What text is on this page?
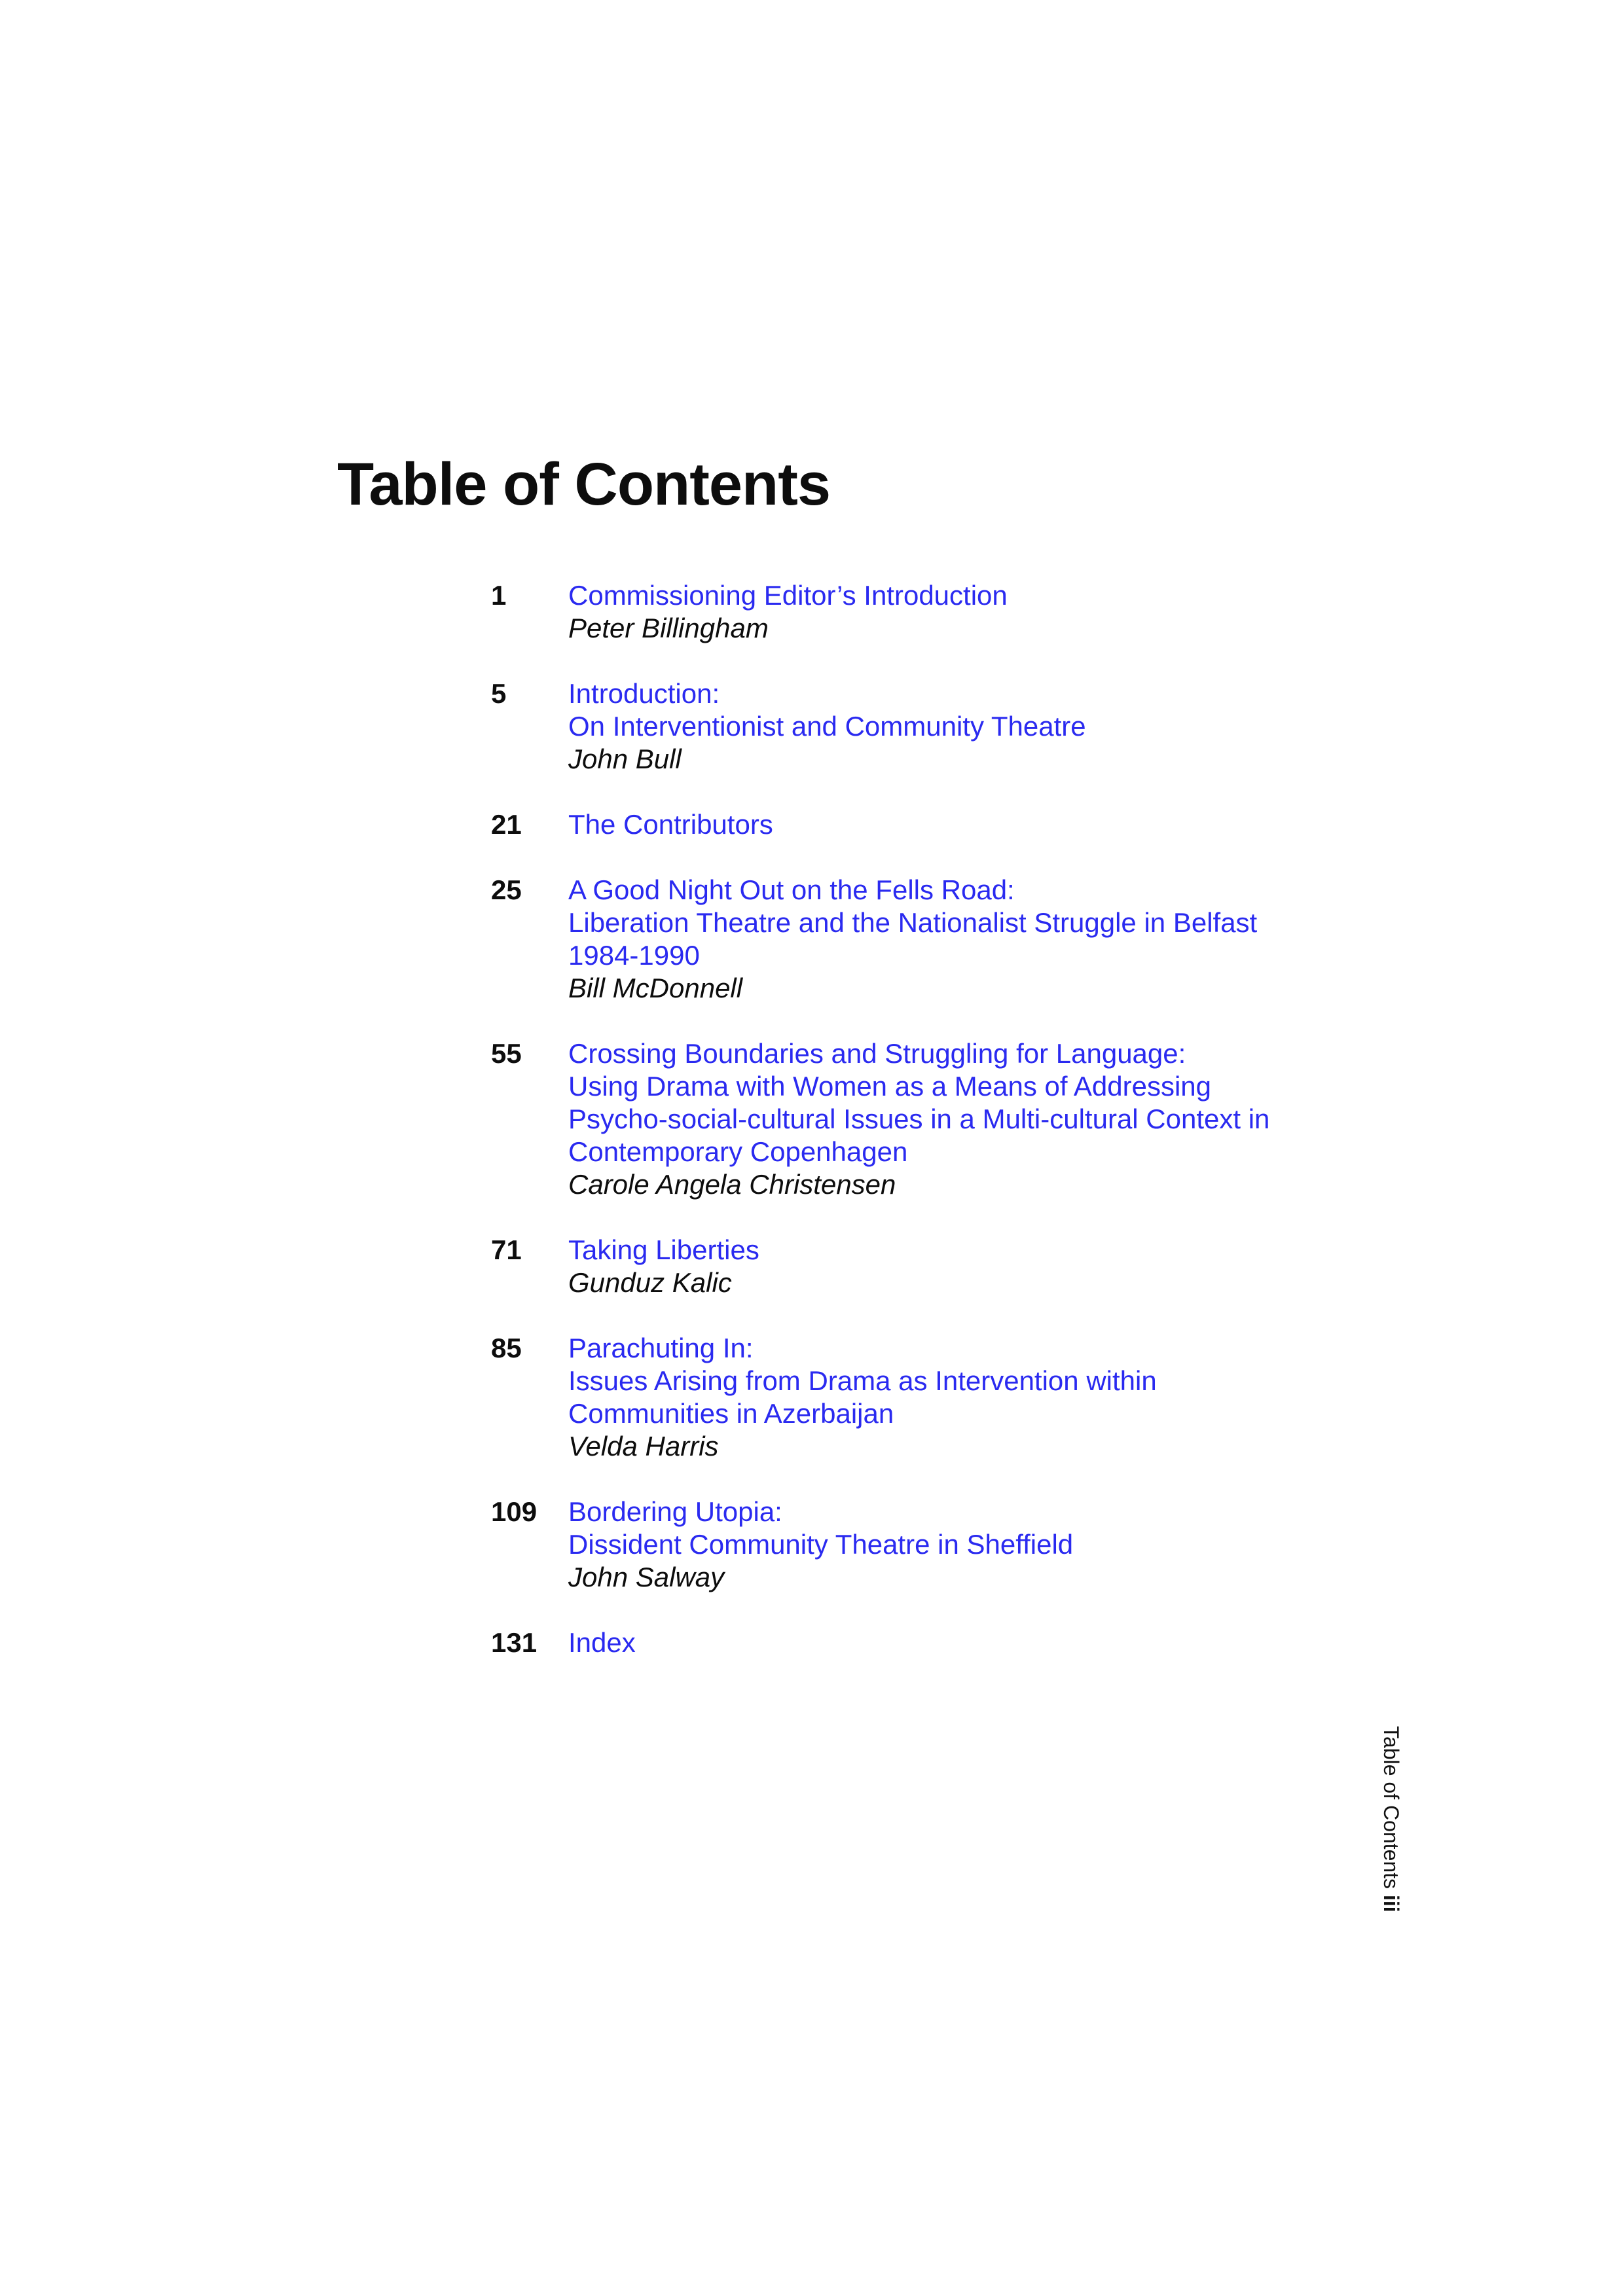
Table of Contents
1 Commissioning Editor’s Introduction
Peter Billingham
5 Introduction:
On Interventionist and Community Theatre
John Bull
21 The Contributors
25 A Good Night Out on the Fells Road:
Liberation Theatre and the Nationalist Struggle in Belfast
1984-1990
Bill McDonnell
55 Crossing Boundaries and Struggling for Language:
Using Drama with Women as a Means of Addressing
Psycho-social-cultural Issues in a Multi-cultural Context in
Contemporary Copenhagen
Carole Angela Christensen
71 Taking Liberties
Gunduz Kalic
85 Parachuting In:
Issues Arising from Drama as Intervention within
Communities in Azerbaijan
Velda Harris
109 Bordering Utopia:
Dissident Community Theatre in Sheffield
John Salway
131 Index
Table of Contents iii
